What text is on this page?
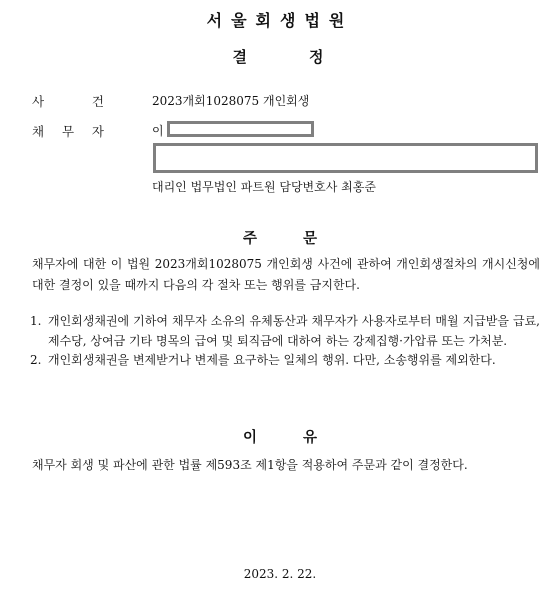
서울회생법원
결정
사	건	2023개회1028075 개인회생
채 무 자	이
대리인 법무법인 파트원 담당변호사 최홍준
주문
채무자에 대한 이 법원 2023개회1028075 개인회생 사건에 관하여 개인회생절차의 개시신청에 대한 결정이 있을 때까지 다음의 각 절차 또는 행위를 금지한다.
1. 개인회생채권에 기하여 채무자 소유의 유체동산과 채무자가 사용자로부터 매월 지급받을 급료, 제수당, 상여금 기타 명목의 급여 및 퇴직금에 대하여 하는 강제집행·가압류 또는 가처분.
2. 개인회생채권을 변제받거나 변제를 요구하는 일체의 행위. 다만, 소송행위를 제외한다.
이유
채무자 회생 및 파산에 관한 법률 제593조 제1항을 적용하여 주문과 같이 결정한다.
2023. 2. 22.
